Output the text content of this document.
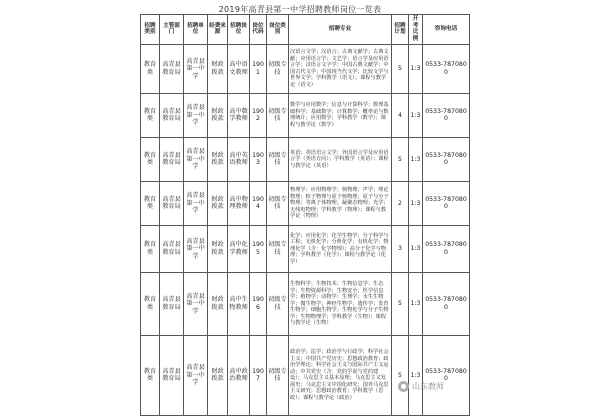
2019年高青县第一中学招聘教师岗位一览表
招聘类别	主管部门	招聘单位	经费来源	招聘岗位	岗位代码	岗位类别	招聘专业	招聘计划	开考比例	咨询电话
教育类	高青县教育局	高青县第一中学	财政拨款	高中语文教师	1901	初级专技	汉语言文学；汉语言；古典文献学；古典文献；应用语言学；文艺学；语言学及应用语言学；汉语言文字学；中国古典文献学；中国古代文学；中国现当代文学；比较文学与世界文学；学科教学（语文）；课程与教学论（语文）	5	1:3	0533-7870800
教育类	高青县教育局	高青县第一中学	财政拨款	高中数学教师	1902	初级专技	数学与应用数学；信息与计算科学；数理基础科学；基础数学；计算数学；概率论与数理统计；应用数学；学科教学（数学）；课程与教学论（数学）	4	1:3	0533-7870800
教育类	高青县教育局	高青县第一中学	财政拨款	高中英语教师	1903	初级专技	英语；英语语言文学；外国语言学及应用语言学（英语方向）；学科教学（英语）；课程与教学论（英语）	5	1:3	0533-7870800
教育类	高青县教育局	高青县第一中学	财政拨款	高中物理教师	1904	初级专技	物理学；应用物理学；核物理；声学；理论物理；粒子物理与原子核物理；原子与分子物理；等离子体物理；凝聚态物理；光学；无线电物理；学科教学（物理）；课程与教学论（物理）	2	1:3	0533-7870800
教育类	高青县教育局	高青县第一中学	财政拨款	高中化学教师	1905	初级专技	化学；应用化学；化学生物学；分子科学与工程；无机化学；分析化学；有机化学；物理化学（含：化学物理）；高分子化学与物理；学科教学（化学）；课程与教学论（化学）	3	1:3	0533-7870800
教育类	高青县教育局	高青县第一中学	财政拨款	高中生物教师	1906	初级专技	生物科学；生物技术；生物信息学；生态学；生物资源科学；生物安全；医学信息学；植物学；动物学；生理学；水生生物学；微生物学；神经生物学；遗传学；发育生物学；细胞生物学；生物化学与分子生物学；生物物理学；学科教学（生物）；课程与教学论（生物）	5	1:3	0533-7870800
教育类	高青县教育局	高青县第一中学	财政拨款	高中政治教师	1907	初级专技	政治学；法学；政治学与行政学；科学社会主义；中国共产党历史；思想政治教育；政治学理论；科学社会主义与国际共产主义运动；中共党史（含：党的学说与党的建设）；马克思主义基本原理；马克思主义发展史；马克思主义中国化研究；国外马克思主义研究；思想政治教育；学科教学（思政）；课程与教学论（政治）	5	1:3	0533-7870800
山东教师
